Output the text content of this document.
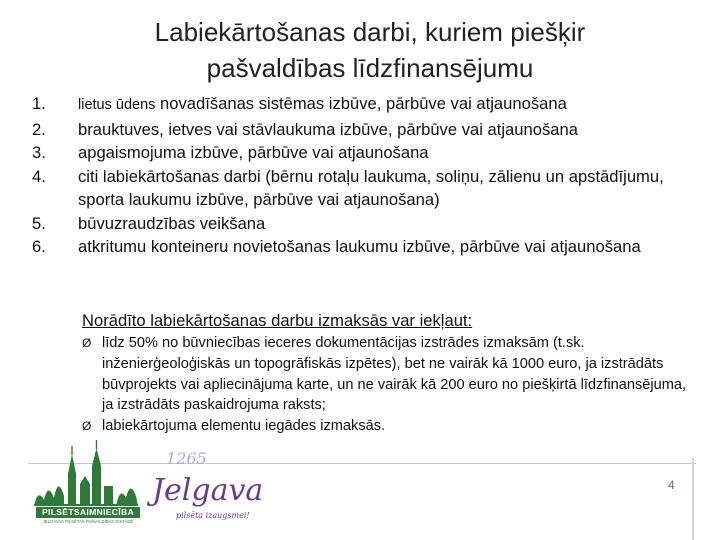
Labiekārtošanas darbi, kuriem piešķir
pašvaldības līdzfinansējumu
1. lietus ūdens novadīšanas sistēmas izbūve, pārbūve vai atjaunošana
2. brauktuves, ietves vai stāvlaukuma izbūve, pārbūve vai atjaunošana
3. apgaismojuma izbūve, pārbūve vai atjaunošana
4. citi labiekārtošanas darbi (bērnu rotaļu laukuma, soliņu, zālienu un apstādījumu, sporta laukumu izbūve, pārbūve vai atjaunošana)
5. būvuzraudzības veikšana
6. atkritumu konteineru novietošanas laukumu izbūve, pārbūve vai atjaunošana
Norādīto labiekārtošanas darbu izmaksās var iekļaut:
Ø līdz 50% no būvniecības ieceres dokumentācijas izstrādes izmaksām (t.sk. inženierģeoloģiskās un topogrāfiskās izpētes), bet ne vairāk kā 1000 euro, ja izstrādāts būvprojekts vai apliecinājuma karte, un ne vairāk kā 200 euro no piešķirtā līdzfinansējuma, ja izstrādāts paskaidrojuma raksts;
Ø labiekārtojuma elementu iegādes izmaksās.
PILSĒTSAIMNIECĪBA
JELGAVAS PILSĒTAS PAŠVALDĪBAS IESTĀDE
1265
Jelgava
pilsēta izaugsmei!
4
